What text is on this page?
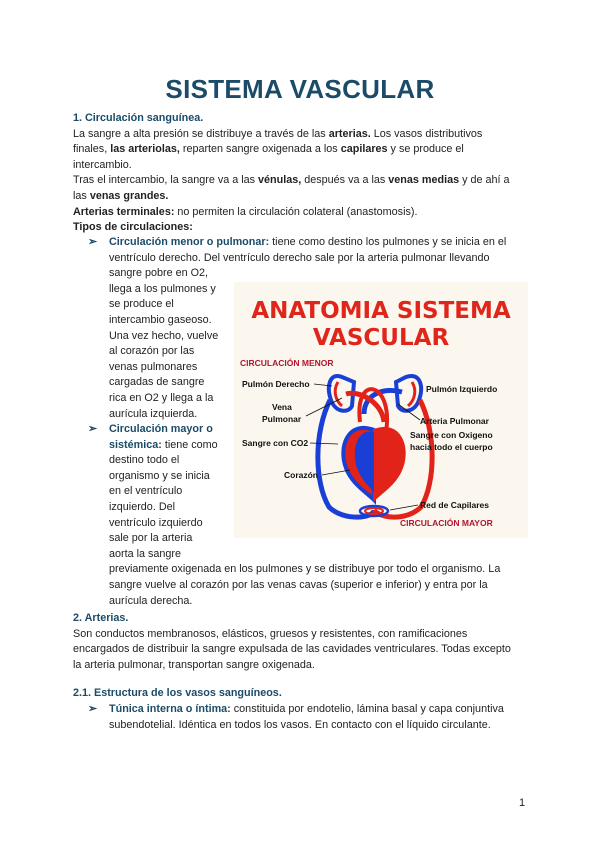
SISTEMA VASCULAR

1. Circulación sanguínea.

La sangre a alta presión se distribuye a través de las arterias. Los vasos distributivos

finales, las arteriolas, reparten sangre oxigenada a los capilares y se produce el

intercambio.

Tras el intercambio, la sangre va a las vénulas, después va a las venas medias y de ahí a

las venas grandes.

Arterias terminales: no permiten la circulación colateral (anastomosis).

Tipos de circulaciones:

➢	Circulación menor o pulmonar: tiene como destino los pulmones y se inicia en el

ventrículo derecho. Del ventrículo derecho sale por la arteria pulmonar llevando

sangre pobre en O2,

llega a los pulmones y

se produce el

intercambio gaseoso.

Una vez hecho, vuelve

al corazón por las

venas pulmonares

cargadas de sangre

rica en O2 y llega a la

aurícula izquierda.

➢	Circulación mayor o

sistémica: tiene como

destino todo el

organismo y se inicia

en el ventrículo

izquierdo. Del

ventrículo izquierdo

sale por la arteria

aorta la sangre

previamente oxigenada en los pulmones y se distribuye por todo el organismo. La

sangre vuelve al corazón por las venas cavas (superior e inferior) y entra por la

aurícula derecha.

ANATOMIA SISTEMA
VASCULAR
CIRCULACIÓN MENOR
Pulmón Derecho	Pulmón Izquierdo
Vena
Pulmonar	Arteria Pulmonar
Sangre con CO2
Sangre con Oxigeno
hacia todo el cuerpo
Corazón
Red de Capilares
CIRCULACIÓN MAYOR

2. Arterias.

Son conductos membranosos, elásticos, gruesos y resistentes, con ramificaciones

encargados de distribuir la sangre expulsada de las cavidades ventriculares. Todas excepto

la arteria pulmonar, transportan sangre oxigenada.

2.1. Estructura de los vasos sanguíneos.

➢	Túnica interna o íntima: constituida por endotelio, lámina basal y capa conjuntiva

subendotelial. Idéntica en todos los vasos. En contacto con el líquido circulante.

1
